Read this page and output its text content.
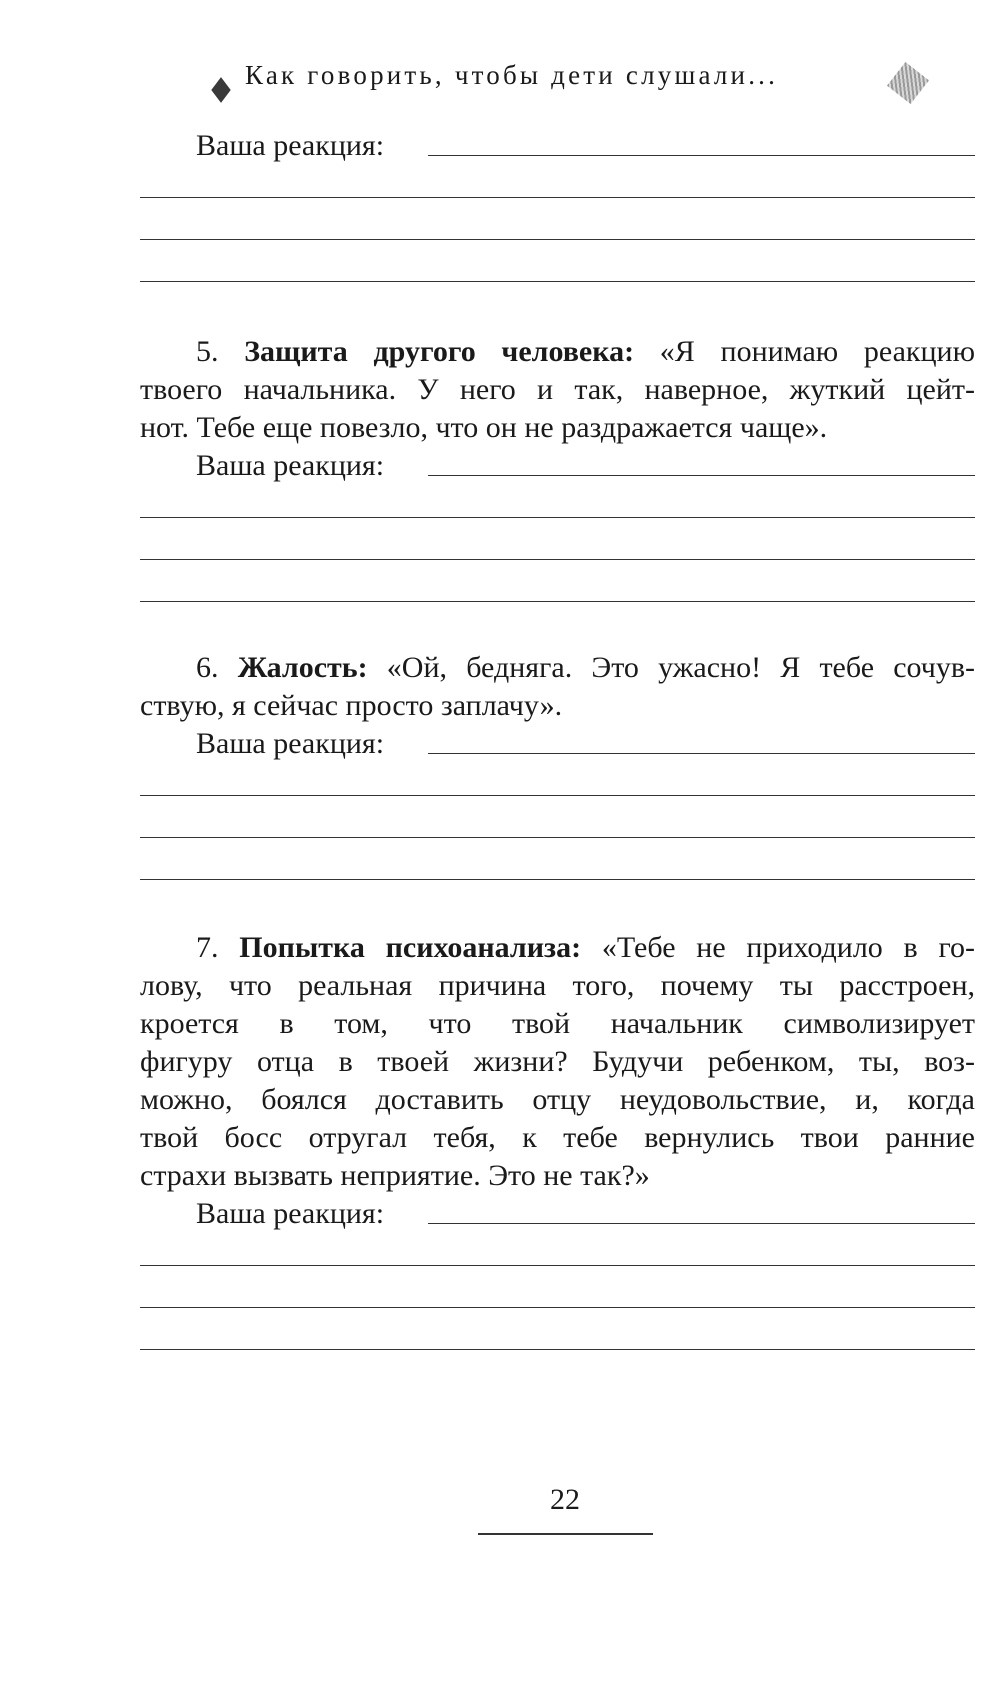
Как говорить, чтобы дети слушали...
Ваша реакция:
5. Защита другого человека: «Я понимаю реакцию
твоего начальника. У него и так, наверное, жуткий цейт-
нот. Тебе еще повезло, что он не раздражается чаще».
Ваша реакция:
6. Жалость: «Ой, бедняга. Это ужасно! Я тебе сочув-
ствую, я сейчас просто заплачу».
Ваша реакция:
7. Попытка психоанализа: «Тебе не приходило в го-
лову, что реальная причина того, почему ты расстроен,
кроется в том, что твой начальник символизирует
фигуру отца в твоей жизни? Будучи ребенком, ты, воз-
можно, боялся доставить отцу неудовольствие, и, когда
твой босс отругал тебя, к тебе вернулись твои ранние
страхи вызвать неприятие. Это не так?»
Ваша реакция:
22
